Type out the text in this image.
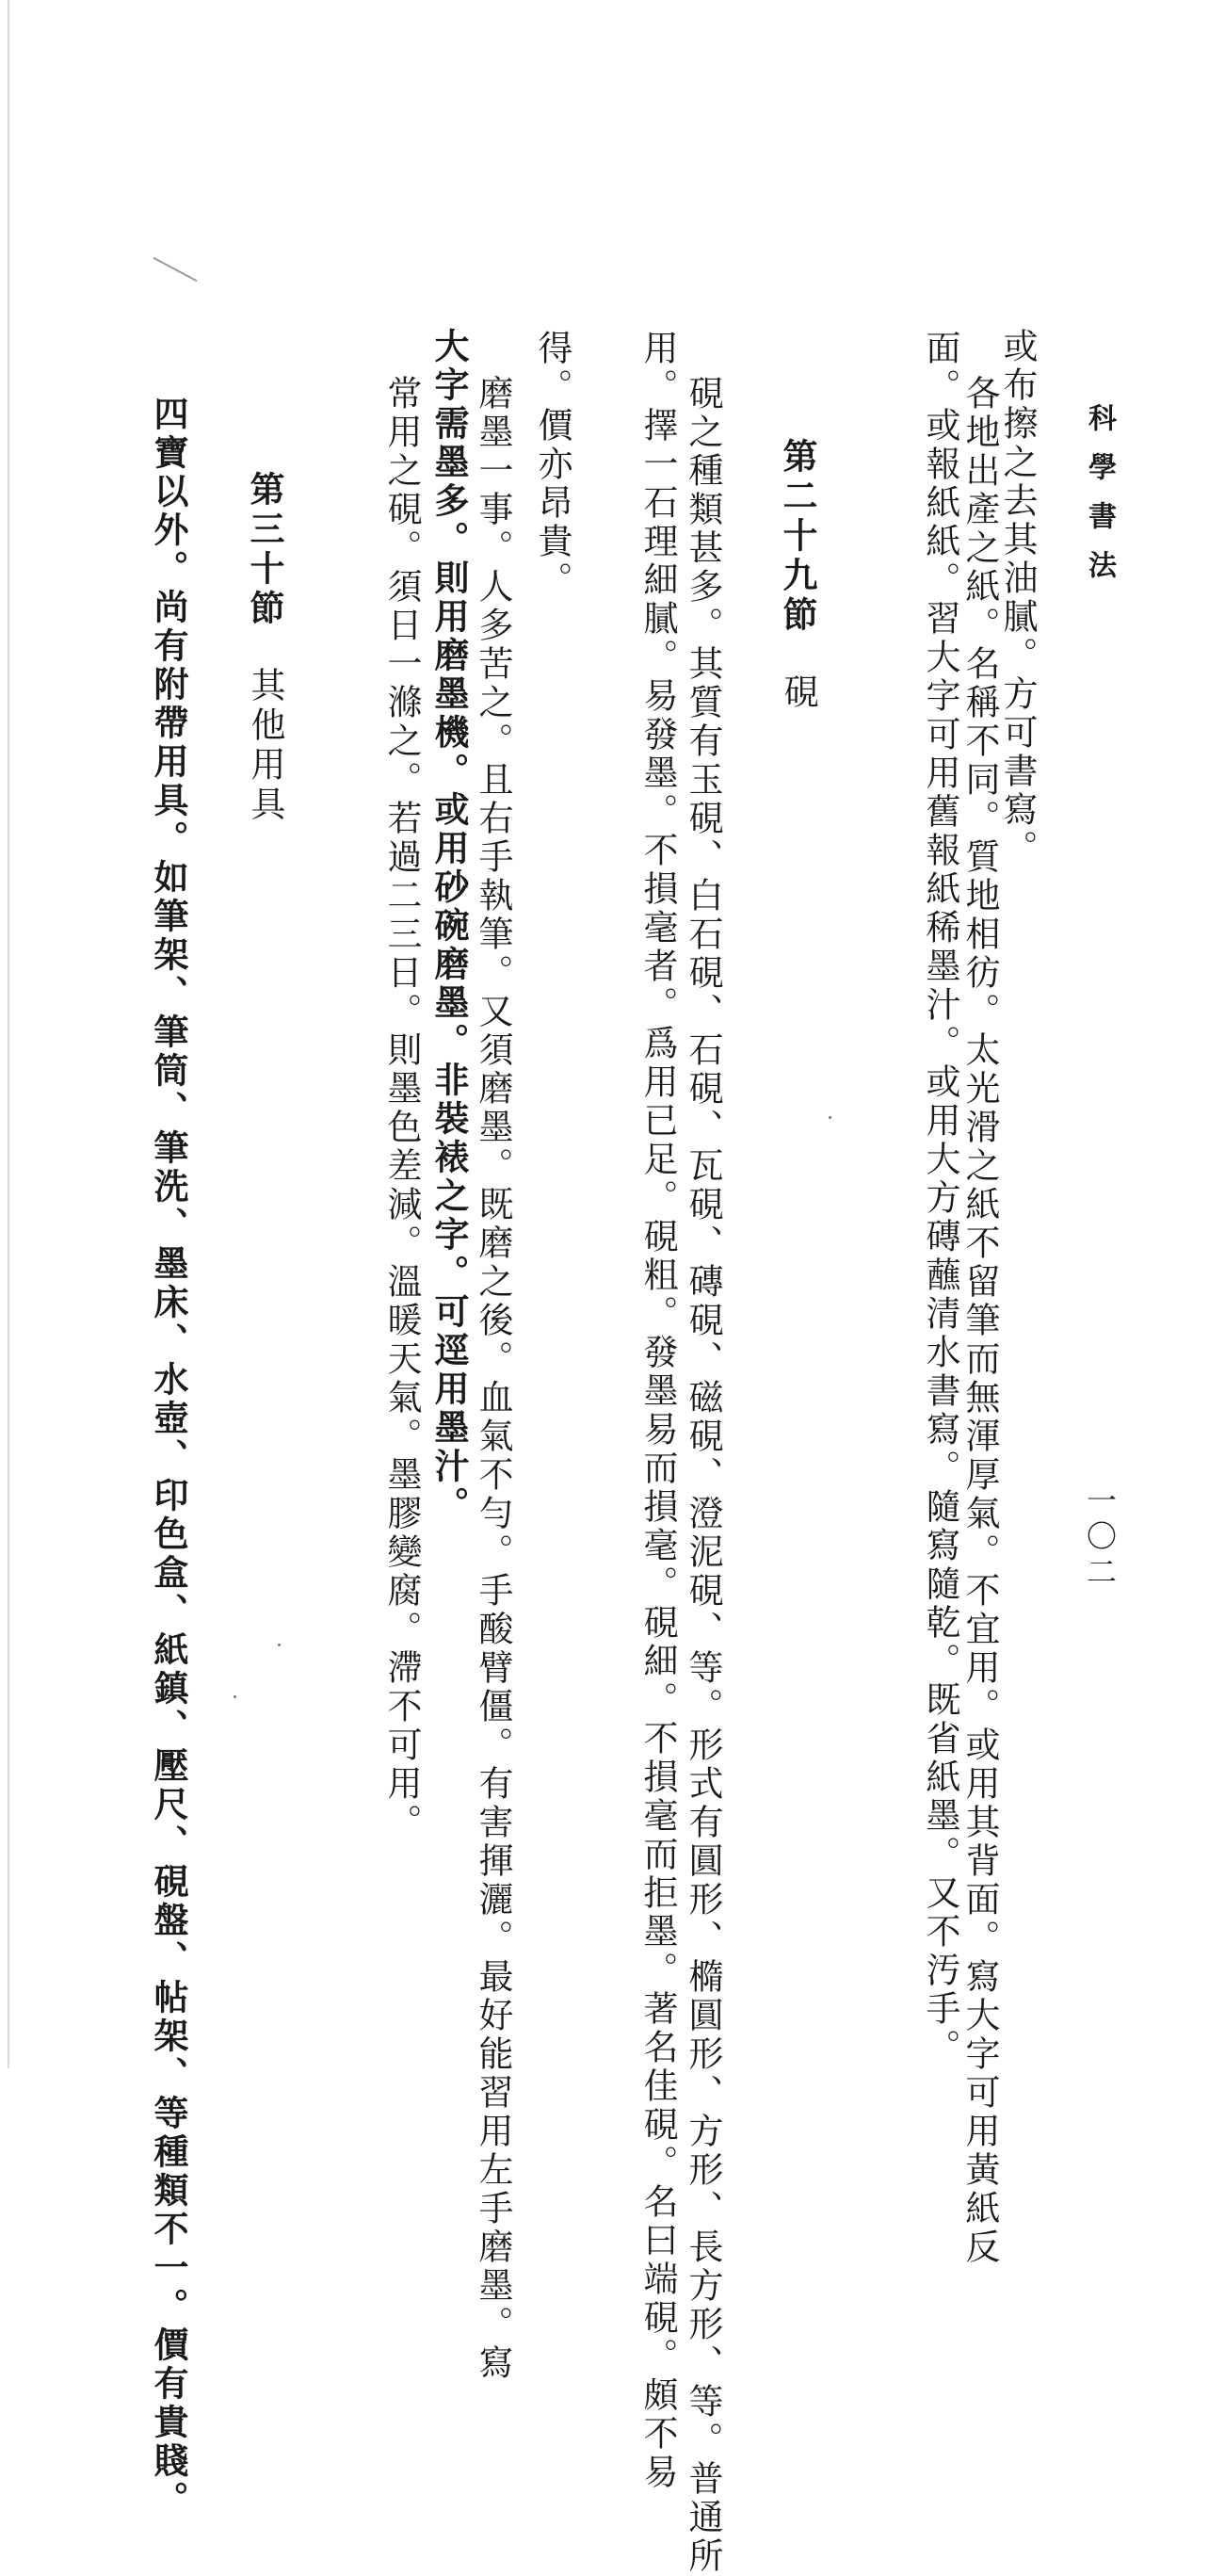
科學書法
一〇二
或布擦之去其油膩。方可書寫。
各地出產之紙。名稱不同。質地相彷。太光滑之紙不留筆而無渾厚氣。不宜用。或用其背面。寫大字可用黃紙反
面。或報紙紙。習大字可用舊報紙稀墨汁。或用大方磚蘸清水書寫。隨寫隨乾。既省紙墨。又不汚手。
第二十九節硯
硯之種類甚多。其質有玉硯、白石硯、石硯、瓦硯、磚硯、磁硯、澄泥硯、等。形式有圓形、橢圓形、方形、長方形、等。普通所
用。擇一石理細膩。易發墨。不損毫者。爲用已足。硯粗。發墨易而損毫。硯細。不損毫而拒墨。著名佳硯。名曰端硯。頗不易
得。價亦昂貴。
磨墨一事。人多苦之。且右手執筆。又須磨墨。既磨之後。血氣不勻。手酸臂僵。有害揮灑。最好能習用左手磨墨。寫
大字需墨多。則用磨墨機。或用砂碗磨墨。非裝裱之字。可逕用墨汁。
常用之硯。須日一滌之。若過二三日。則墨色差減。溫暖天氣。墨膠變腐。滯不可用。
第三十節其他用具
四寶以外。尚有附帶用具。如筆架、筆筒、筆洗、墨床、水壺、印色盒、紙鎮、壓尺、硯盤、帖架、等種類不一。價有貴賤。
